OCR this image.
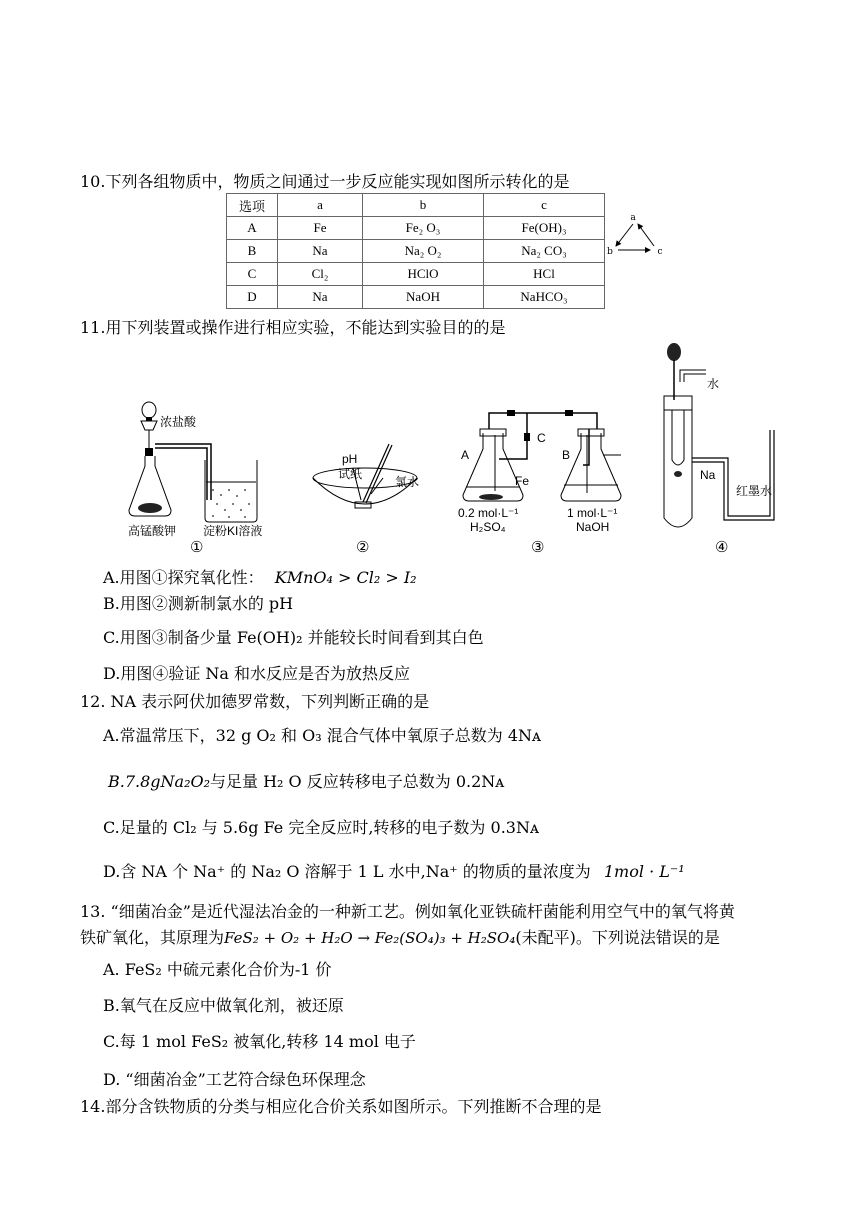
10.下列各组物质中，物质之间通过一步反应能实现如图所示转化的是
选项	a	b	c
A	Fe	Fe₂ O₃	Fe(OH)₃
B	Na	Na₂ O₂	Na₂ CO₃
C	Cl₂	HClO	HCl
D	Na	NaOH	NaHCO₃
a
b	c
11.用下列装置或操作进行相应实验，不能达到实验目的的是
浓盐酸
高锰酸钾 淀粉KI溶液
①
pH
试纸
氯水
②
A	B
C
Fe
0.2 mol·L⁻¹
H₂SO₄
1 mol·L⁻¹
NaOH
③
水
Na
红墨水
④
A.用图①探究氧化性： KMnO₄ > Cl₂ > I₂
B.用图②测新制氯水的 pH
C.用图③制备少量 Fe(OH)₂ 并能较长时间看到其白色
D.用图④验证 Na 和水反应是否为放热反应
12. NA 表示阿伏加德罗常数，下列判断正确的是
A.常温常压下，32 g O₂ 和 O₃ 混合气体中氧原子总数为 4Nᴀ
B.7.8gNa₂O₂与足量 H₂ O 反应转移电子总数为 0.2Nᴀ
C.足量的 Cl₂ 与 5.6g Fe 完全反应时,转移的电子数为 0.3Nᴀ
D.含 NA 个 Na⁺ 的 Na₂ O 溶解于 1 L 水中,Na⁺ 的物质的量浓度为 1mol · L⁻¹
13. “细菌冶金”是近代湿法冶金的一种新工艺。例如氧化亚铁硫杆菌能利用空气中的氧气将黄
铁矿氧化，其原理为FeS₂ + O₂ + H₂O → Fe₂(SO₄)₃ + H₂SO₄(未配平)。下列说法错误的是
A. FeS₂ 中硫元素化合价为-1 价
B.氧气在反应中做氧化剂，被还原
C.每 1 mol FeS₂ 被氧化,转移 14 mol 电子
D. “细菌冶金”工艺符合绿色环保理念
14.部分含铁物质的分类与相应化合价关系如图所示。下列推断不合理的是
